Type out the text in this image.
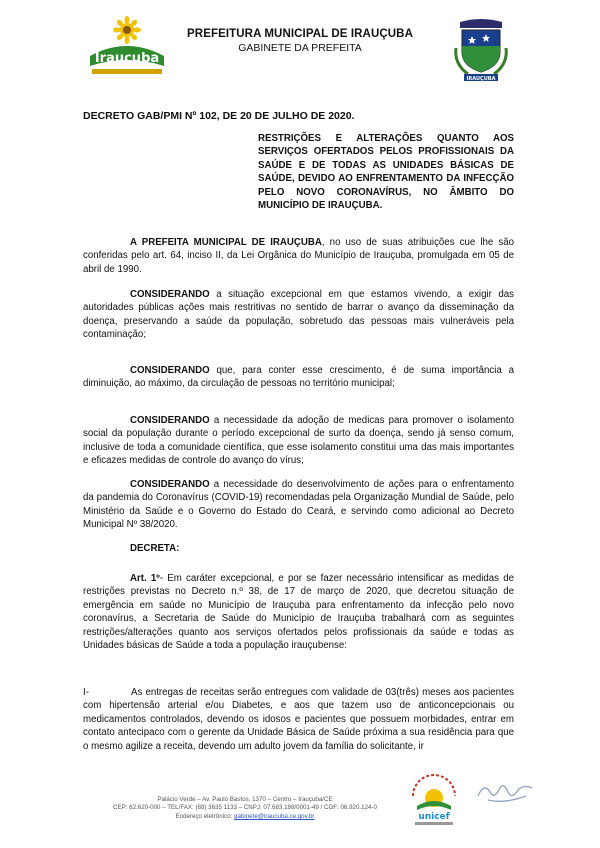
Irauçuba
IRAUÇUBA
PREFEITURA MUNICIPAL DE IRAUÇUBA
GABINETE DA PREFEITA
DECRETO GAB/PMI Nº 102, DE 20 DE JULHO DE 2020.
RESTRIÇÕES E ALTERAÇÕES QUANTO AOS SERVIÇOS OFERTADOS PELOS PROFISSIONAIS DA SAÚDE E DE TODAS AS UNIDADES BÁSICAS DE SAÚDE, DEVIDO AO ENFRENTAMENTO DA INFECÇÃO PELO NOVO CORONAVÍRUS, NO ÂMBITO DO MUNICÍPIO DE IRAUÇUBA.

A PREFEITA MUNICIPAL DE IRAUÇUBA, no uso de suas atribuições cue lhe são conferidas pelo art. 64, inciso II, da Lei Orgânica do Município de Irauçuba, promulgada em 05 de abril de 1990.

CONSIDERANDO a situação excepcional em que estamos vivendo, a exigir das autoridades públicas ações mais restritivas no sentido de barrar o avanço da disseminação da doença, preservando a saúde da população, sobretudo das pessoas mais vulneráveis pela contaminação;

CONSIDERANDO que, para conter esse crescimento, é de suma importância a diminuição, ao máximo, da circulação de pessoas no território municipal;

CONSIDERANDO a necessidade da adoção de medicas para promover o isolamento social da população durante o período excepcional de surto da doença, sendo já senso comum, inclusive de toda a comunidade científica, que esse isolamento constitui uma das mais importantes e eficazes medidas de controle do avanço do vírus;

CONSIDERANDO a necessidade do desenvolvimento de ações para o enfrentamento da pandemia do Coronavírus (COVID-19) recomendadas pela Organização Mundial de Saúde, pelo Ministério da Saúde e o Governo do Estado do Ceará, e servindo como adicional ao Decreto Municipal Nº 38/2020.

DECRETA:

Art. 1º- Em caráter excepcional, e por se fazer necessário intensificar as medidas de restrições previstas no Decreto n.º 38, de 17 de março de 2020, que decretou situação de emergência em saúde no Município de Irauçuba para enfrentamento da infecção pelo novo coronavírus, a Secretaria de Saúde do Município de Irauçuba trabalhará com as seguintes restrições/alterações quanto aos serviços ofertados pelos profissionais da saúde e todas as Unidades básicas de Saúde a toda a população irauçubense:

I-	As entregas de receitas serão entregues com validade de 03(três) meses aos pacientes com hipertensão arterial e/ou Diabetes, e aos que tazem uso de anticoncepcionais ou medicamentos controlados, devendo os idosos e pacientes que possuem morbidades, entrar em contato antecipaco com o gerente da Unidade Básica de Saúde próxima a sua residência para que o mesmo agilize a receita, devendo um adulto jovem da família do solicitante, ir

Palácio Verde – Av. Paulo Bastos, 1370 – Centro – Irauçuba/CE
CEP: 62.620-000 – TEL/FAX: (88) 3635 1133 – CNPJ: 07.683.188/0001-49 / CGF: 06.920.124-0
Endereço eletrônico: gabinete@iraucuba.ce.gov.br	unicef
